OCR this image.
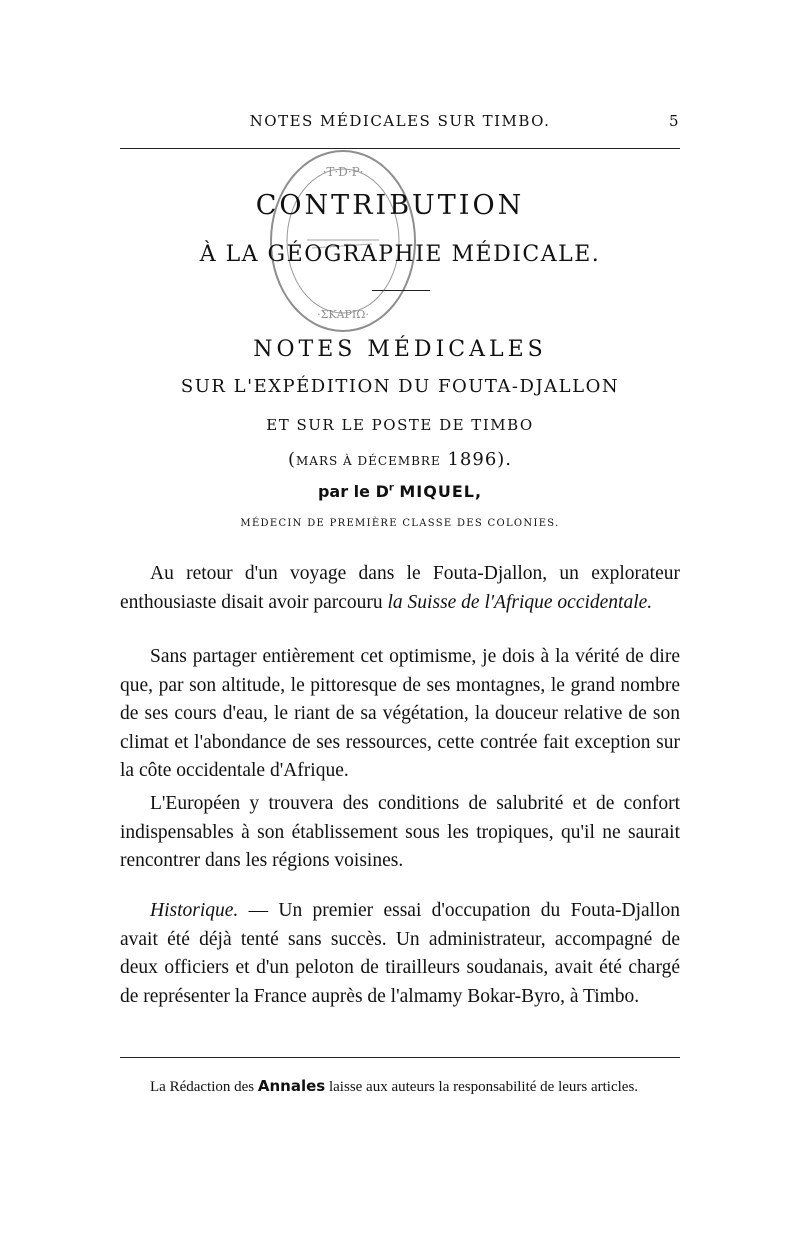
NOTES MÉDICALES SUR TIMBO.	5
·T·D·P·
·ΣΚΑΡΙΩ·
CONTRIBUTION
À LA GÉOGRAPHIE MÉDICALE.
NOTES MÉDICALES
SUR L'EXPÉDITION DU FOUTA-DJALLON
ET SUR LE POSTE DE TIMBO
(MARS À DÉCEMBRE 1896).
par le $D^r$ MIQUEL,
MÉDECIN DE PREMIÈRE CLASSE DES COLONIES.

Au retour d'un voyage dans le Fouta-Djallon, un explorateur enthousiaste disait avoir parcouru la Suisse de l'Afrique occidentale.

Sans partager entièrement cet optimisme, je dois à la vérité de dire que, par son altitude, le pittoresque de ses montagnes, le grand nombre de ses cours d'eau, le riant de sa végétation, la douceur relative de son climat et l'abondance de ses ressources, cette contrée fait exception sur la côte occidentale d'Afrique.

L'Européen y trouvera des conditions de salubrité et de confort indispensables à son établissement sous les tropiques, qu'il ne saurait rencontrer dans les régions voisines.

Historique. — Un premier essai d'occupation du Fouta-Djallon avait été déjà tenté sans succès. Un administrateur, accompagné de deux officiers et d'un peloton de tirailleurs soudanais, avait été chargé de représenter la France auprès de l'almamy Bokar-Byro, à Timbo.

La Rédaction des Annales laisse aux auteurs la responsabilité de leurs articles.
